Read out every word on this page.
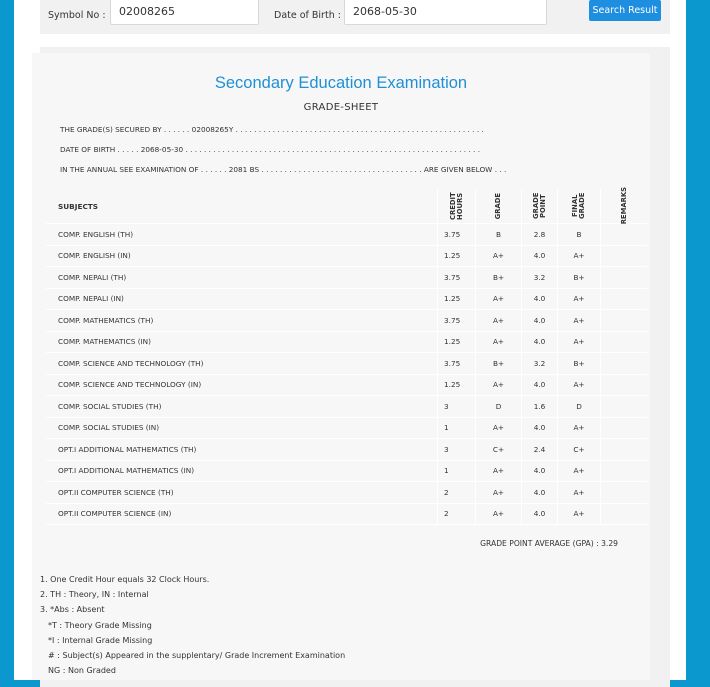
Symbol No :	02008265	Date of Birth :	2068-05-30	Search Result
Secondary Education Examination
GRADE-SHEET
THE GRADE(S) SECURED BY . . . . . . 02008265Y . . . . . . . . . . . . . . . . . . . . . . . . . . . . . . . . . . . . . . . . . . . . . . . . . . . . . .
DATE OF BIRTH . . . . . 2068-05-30 . . . . . . . . . . . . . . . . . . . . . . . . . . . . . . . . . . . . . . . . . . . . . . . . . . . . . . . . . . . . . . . .
IN THE ANNUAL SEE EXAMINATION OF . . . . . . 2081 BS . . . . . . . . . . . . . . . . . . . . . . . . . . . . . . . . . . . ARE GIVEN BELOW . . .
SUBJECTS	CREDIT HOURS	GRADE	GRADE POINT	FINAL GRADE	REMARKS

COMP. ENGLISH (TH)	3.75	B	2.8	B	
COMP. ENGLISH (IN)	1.25	A+	4.0	A+	
COMP. NEPALI (TH)	3.75	B+	3.2	B+	
COMP. NEPALI (IN)	1.25	A+	4.0	A+	
COMP. MATHEMATICS (TH)	3.75	A+	4.0	A+	
COMP. MATHEMATICS (IN)	1.25	A+	4.0	A+	
COMP. SCIENCE AND TECHNOLOGY (TH)	3.75	B+	3.2	B+	
COMP. SCIENCE AND TECHNOLOGY (IN)	1.25	A+	4.0	A+	
COMP. SOCIAL STUDIES (TH)	3	D	1.6	D	
COMP. SOCIAL STUDIES (IN)	1	A+	4.0	A+	
OPT.I ADDITIONAL MATHEMATICS (TH)	3	C+	2.4	C+	
OPT.I ADDITIONAL MATHEMATICS (IN)	1	A+	4.0	A+	
OPT.II COMPUTER SCIENCE (TH)	2	A+	4.0	A+	
OPT.II COMPUTER SCIENCE (IN)	2	A+	4.0	A+	
GRADE POINT AVERAGE (GPA) : 3.29
1. One Credit Hour equals 32 Clock Hours.
2. TH : Theory, IN : Internal
3. *Abs : Absent
*T : Theory Grade Missing
*I : Internal Grade Missing
# : Subject(s) Appeared in the supplentary/ Grade Increment Examination
NG : Non Graded
